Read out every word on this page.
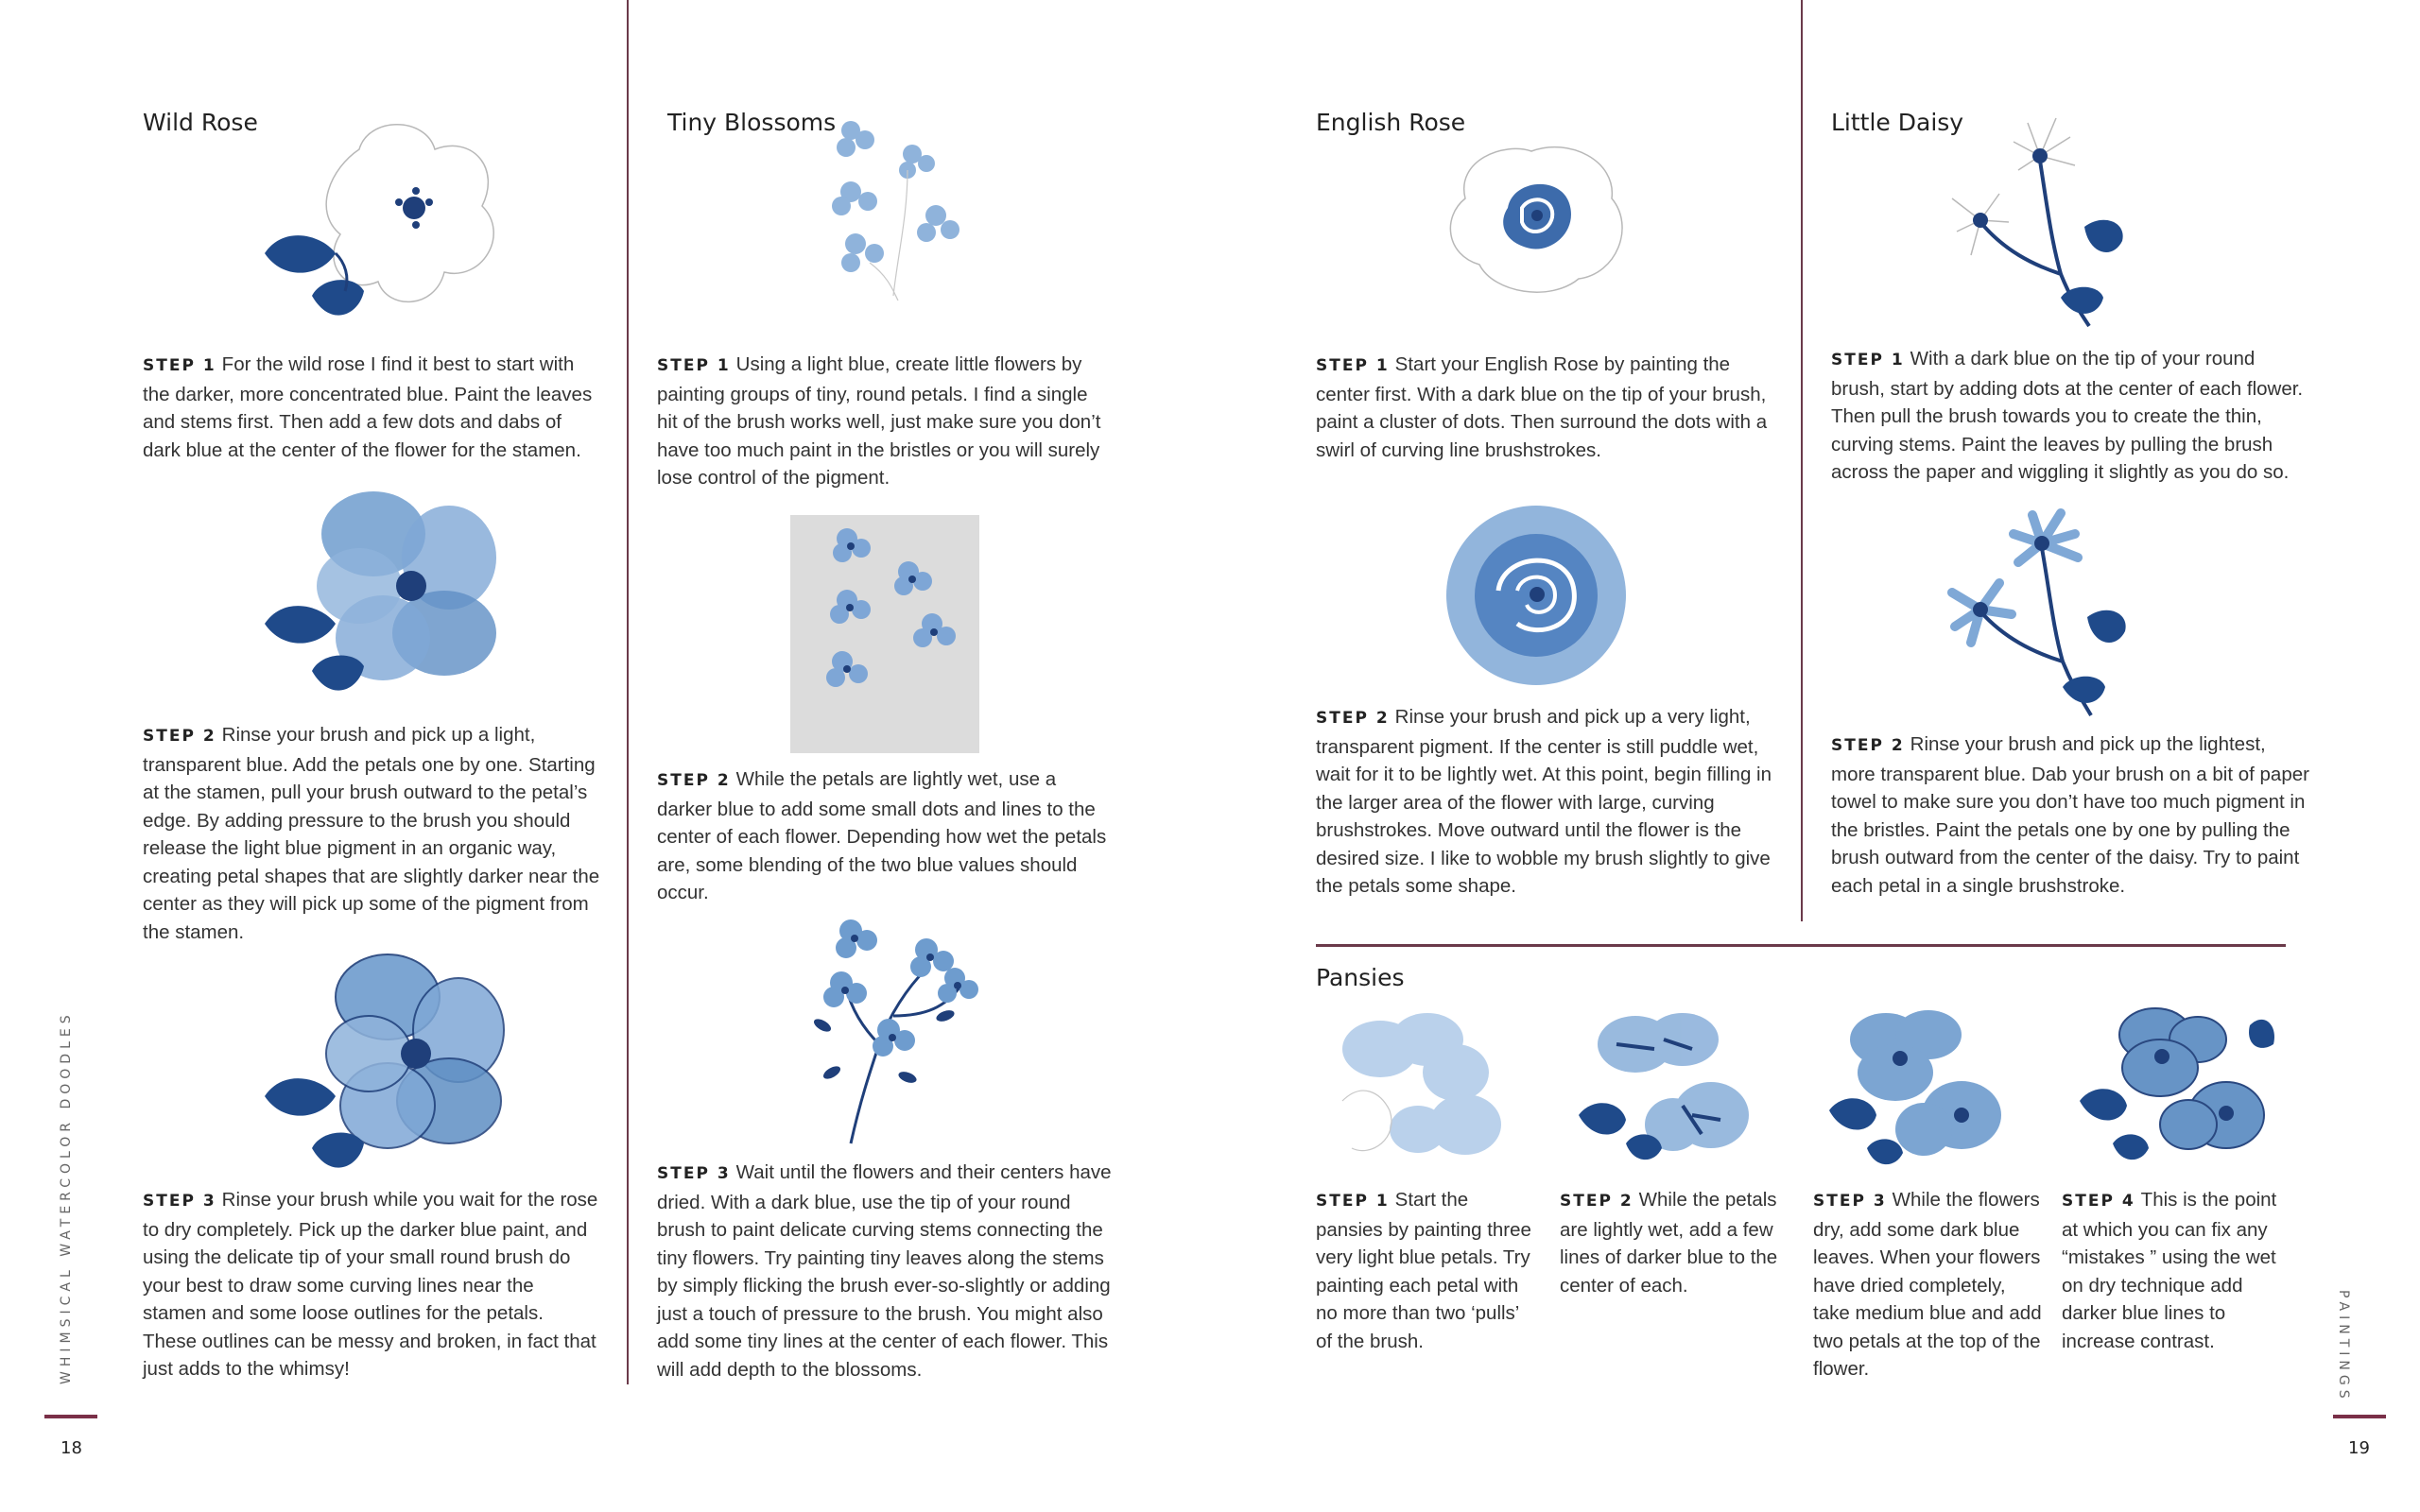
Wild Rose

STEP 1 For the wild rose I find it best to start with the darker, more concentrated blue. Paint the leaves and stems first. Then add a few dots and dabs of dark blue at the center of the flower for the stamen.

STEP 2 Rinse your brush and pick up a light, transparent blue. Add the petals one by one. Starting at the stamen, pull your brush outward to the petal’s edge. By adding pressure to the brush you should release the light blue pigment in an organic way, creating petal shapes that are slightly darker near the center as they will pick up some of the pigment from the stamen.

STEP 3 Rinse your brush while you wait for the rose to dry completely. Pick up the darker blue paint, and using the delicate tip of your small round brush do your best to draw some curving lines near the stamen and some loose outlines for the petals. These outlines can be messy and broken, in fact that just adds to the whimsy!

Tiny Blossoms

STEP 1 Using a light blue, create little flowers by painting groups of tiny, round petals. I find a single hit of the brush works well, just make sure you don’t have too much paint in the bristles or you will surely lose control of the pigment.

STEP 2 While the petals are lightly wet, use a darker blue to add some small dots and lines to the center of each flower. Depending how wet the petals are, some blending of the two blue values should occur.

STEP 3 Wait until the flowers and their centers have dried. With a dark blue, use the tip of your round brush to paint delicate curving stems connecting the tiny flowers. Try painting tiny leaves along the stems by simply flicking the brush ever-so-slightly or adding just a touch of pressure to the brush. You might also add some tiny lines at the center of each flower. This will add depth to the blossoms.

WHIMSICAL WATERCOLOR DOODLES
18
English Rose

STEP 1 Start your English Rose by painting the center first. With a dark blue on the tip of your brush, paint a cluster of dots. Then surround the dots with a swirl of curving line brushstrokes.

STEP 2 Rinse your brush and pick up a very light, transparent pigment. If the center is still puddle wet, wait for it to be lightly wet. At this point, begin filling in the larger area of the flower with large, curving brushstrokes. Move outward until the flower is the desired size. I like to wobble my brush slightly to give the petals some shape.

Little Daisy

STEP 1 With a dark blue on the tip of your round brush, start by adding dots at the center of each flower. Then pull the brush towards you to create the thin, curving stems. Paint the leaves by pulling the brush across the paper and wiggling it slightly as you do so.

STEP 2 Rinse your brush and pick up the lightest, more transparent blue. Dab your brush on a bit of paper towel to make sure you don’t have too much pigment in the bristles. Paint the petals one by one by pulling the brush outward from the center of the daisy. Try to paint each petal in a single brushstroke.

Pansies

STEP 1 Start the pansies by painting three very light blue petals. Try painting each petal with no more than two ‘pulls’ of the brush.

STEP 2 While the petals are lightly wet, add a few lines of darker blue to the center of each.

STEP 3 While the flowers dry, add some dark blue leaves. When your flowers have dried completely, take medium blue and add two petals at the top of the flower.

STEP 4 This is the point at which you can fix any “mistakes ” using the wet on dry technique add darker blue lines to increase contrast.	PAINTINGS
19
